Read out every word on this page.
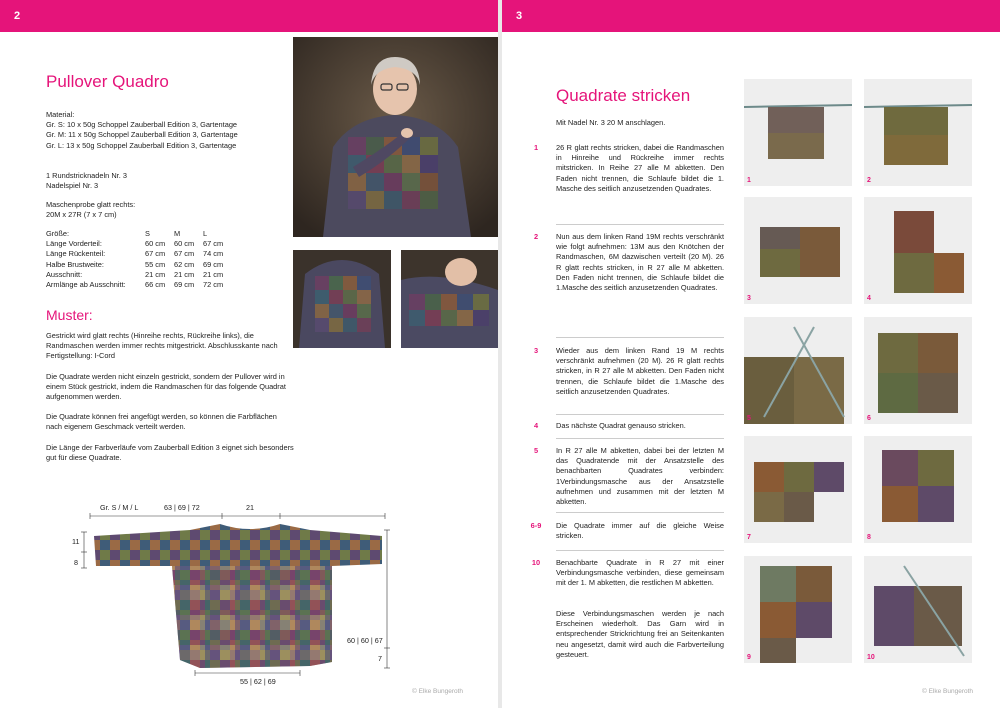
2
Pullover Quadro
Material:
Gr. S: 10 x 50g Schoppel Zauberball Edition 3, Gartentage
Gr. M: 11 x 50g Schoppel Zauberball Edition 3, Gartentage
Gr. L: 13 x 50g Schoppel Zauberball Edition 3, Gartentage
1 Rundstricknadeln Nr. 3
Nadelspiel Nr. 3
Maschenprobe glatt rechts:
20M x 27R (7 x 7 cm)
Größe:	S	M	L
Länge Vorderteil:	60 cm	60 cm	67 cm
Länge Rückenteil:	67 cm	67 cm	74 cm
Halbe Brustweite:	55 cm	62 cm	69 cm
Ausschnitt:	21 cm	21 cm	21 cm
Armlänge ab Ausschnitt:	66 cm	69 cm	72 cm
Muster:

Gestrickt wird glatt rechts (Hinreihe rechts, Rückreihe links), die Randmaschen werden immer rechts mitgestrickt. Abschlusskante nach Fertigstellung: I-Cord

Die Quadrate werden nicht einzeln gestrickt, sondern der Pullover wird in einem Stück gestrickt, indem die Randmaschen für das folgende Quadrat aufgenommen werden.

Die Quadrate können frei angefügt werden, so können die Farbflächen nach eigenem Geschmack verteilt werden.

Die Länge der Farbverläufe vom Zauberball Edition 3 eignet sich besonders gut für diese Quadrate.

Gr. S / M / L	63 | 69 | 72	21
11
8
60 | 60 | 67
7
55 | 62 | 69
© Elke Bungeroth
3
Quadrate stricken
Mit Nadel Nr. 3 20 M anschlagen.
1	26 R glatt rechts stricken, dabei die Randmaschen in Hinreihe und Rückreihe immer rechts mitstricken. In Reihe 27 alle M abketten. Den Faden nicht trennen, die Schlaufe bildet die 1. Masche des seitlich anzusetzenden Quadrates.
2	Nun aus dem linken Rand 19M rechts verschränkt wie folgt aufnehmen: 13M aus den Knötchen der Randmaschen, 6M dazwischen verteilt (20 M). 26 R glatt rechts stricken, in R 27 alle M abketten. Den Faden nicht trennen, die Schlaufe bildet die 1.Masche des seitlich anzusetzenden Quadrates.
3	Wieder aus dem linken Rand 19 M rechts verschränkt aufnehmen (20 M). 26 R glatt rechts stricken, in R 27 alle M abketten. Den Faden nicht trennen, die Schlaufe bildet die 1.Masche des seitlich anzusetzenden Quadrates.
4	Das nächste Quadrat genauso stricken.
5	In R 27 alle M abketten, dabei bei der letzten M das Quadratende mit der Ansatzstelle des benachbarten Quadrates verbinden: 1Verbindungsmasche aus der Ansatzstelle aufnehmen und zusammen mit der letzten M abketten.
6-9	Die Quadrate immer auf die gleiche Weise stricken.
10	Benachbarte Quadrate in R 27 mit einer Verbindungsmasche verbinden, diese gemeinsam mit der 1. M abketten, die restlichen M abketten.
Diese Verbindungsmaschen werden je nach Erscheinen wiederholt. Das Garn wird in entsprechender Strickrichtung frei an Seitenkanten neu angesetzt, damit wird auch die Farbverteilung gesteuert.
1	2
3	4
5	6
7	8
9	10
© Elke Bungeroth
